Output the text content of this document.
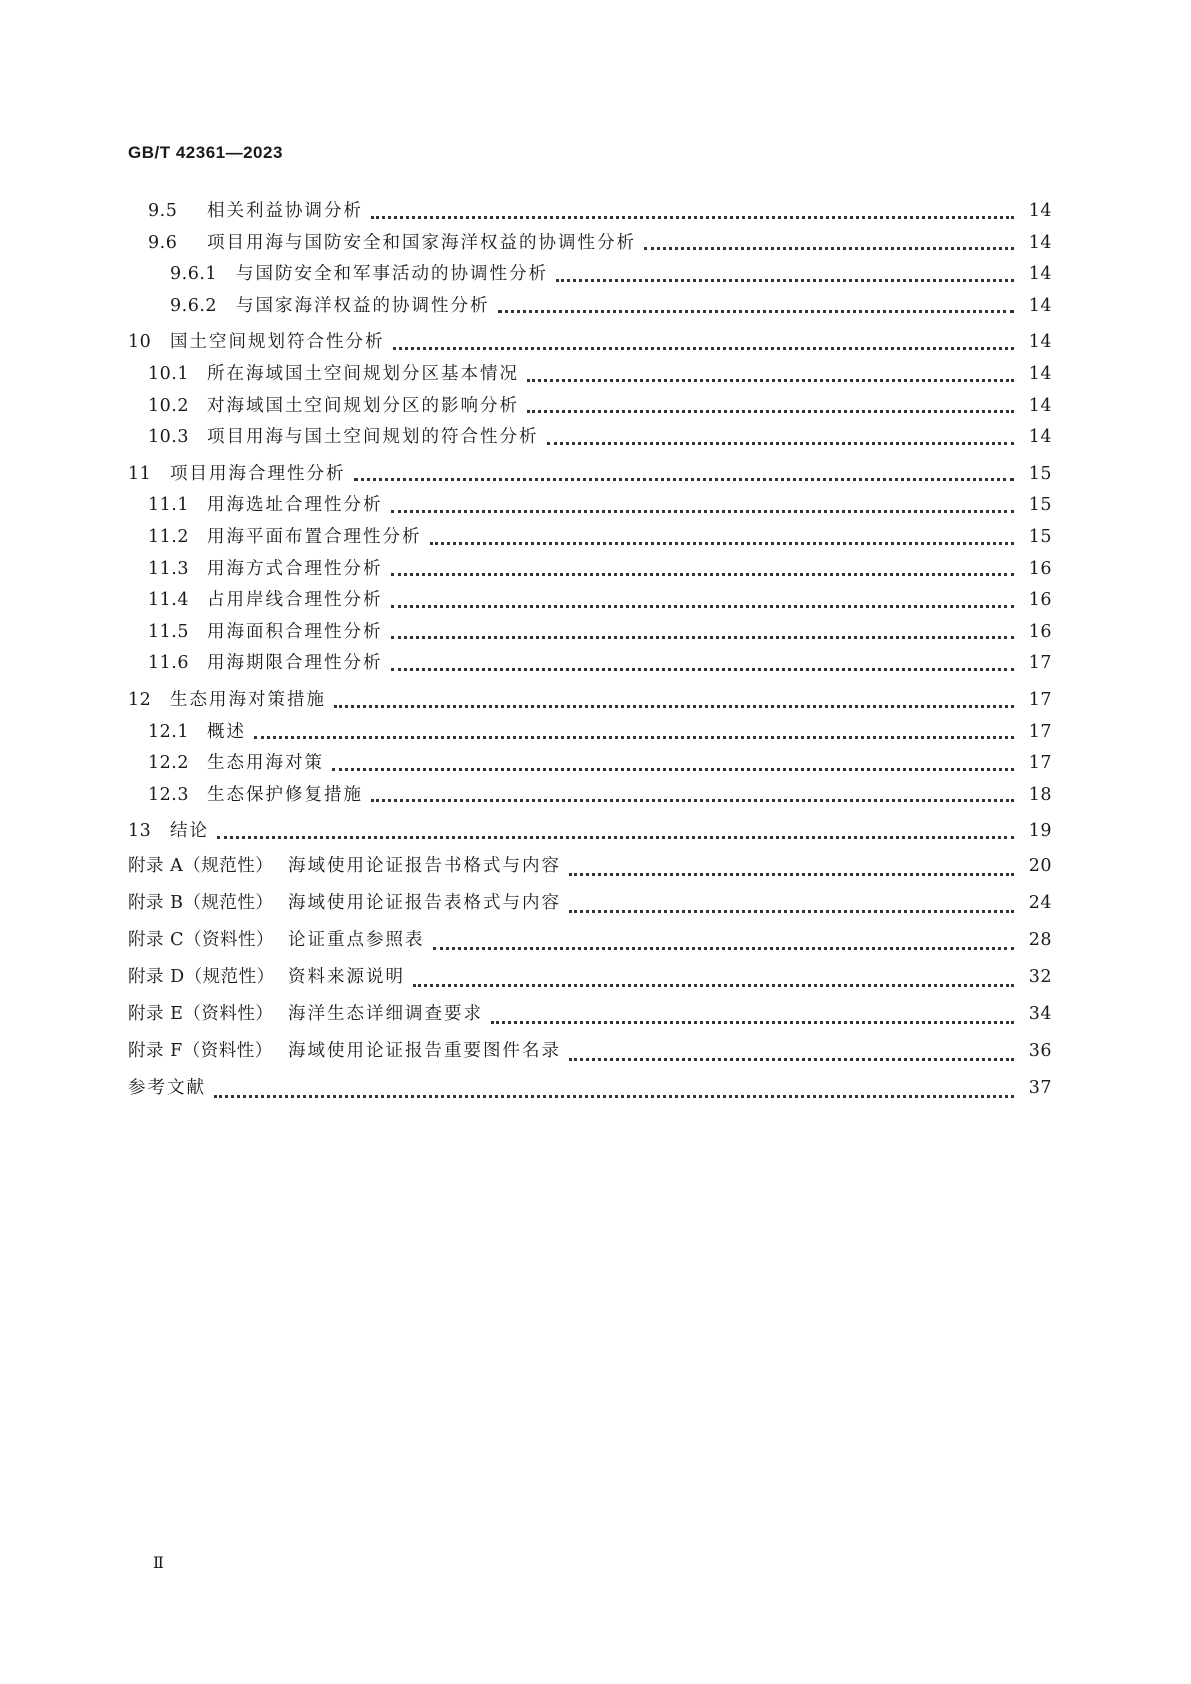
GB/T 42361—2023
9.5	相关利益协调分析	14
9.6	项目用海与国防安全和国家海洋权益的协调性分析	14
9.6.1	与国防安全和军事活动的协调性分析	14
9.6.2	与国家海洋权益的协调性分析	14
10	国土空间规划符合性分析	14
10.1	所在海域国土空间规划分区基本情况	14
10.2	对海域国土空间规划分区的影响分析	14
10.3	项目用海与国土空间规划的符合性分析	14
11	项目用海合理性分析	15
11.1	用海选址合理性分析	15
11.2	用海平面布置合理性分析	15
11.3	用海方式合理性分析	16
11.4	占用岸线合理性分析	16
11.5	用海面积合理性分析	16
11.6	用海期限合理性分析	17
12	生态用海对策措施	17
12.1	概述	17
12.2	生态用海对策	17
12.3	生态保护修复措施	18
13	结论	19
附录 A（规范性） 海域使用论证报告书格式与内容	20
附录 B（规范性） 海域使用论证报告表格式与内容	24
附录 C（资料性） 论证重点参照表	28
附录 D（规范性） 资料来源说明	32
附录 E（资料性） 海洋生态详细调查要求	34
附录 F（资料性） 海域使用论证报告重要图件名录	36
参考文献	37
Ⅱ
